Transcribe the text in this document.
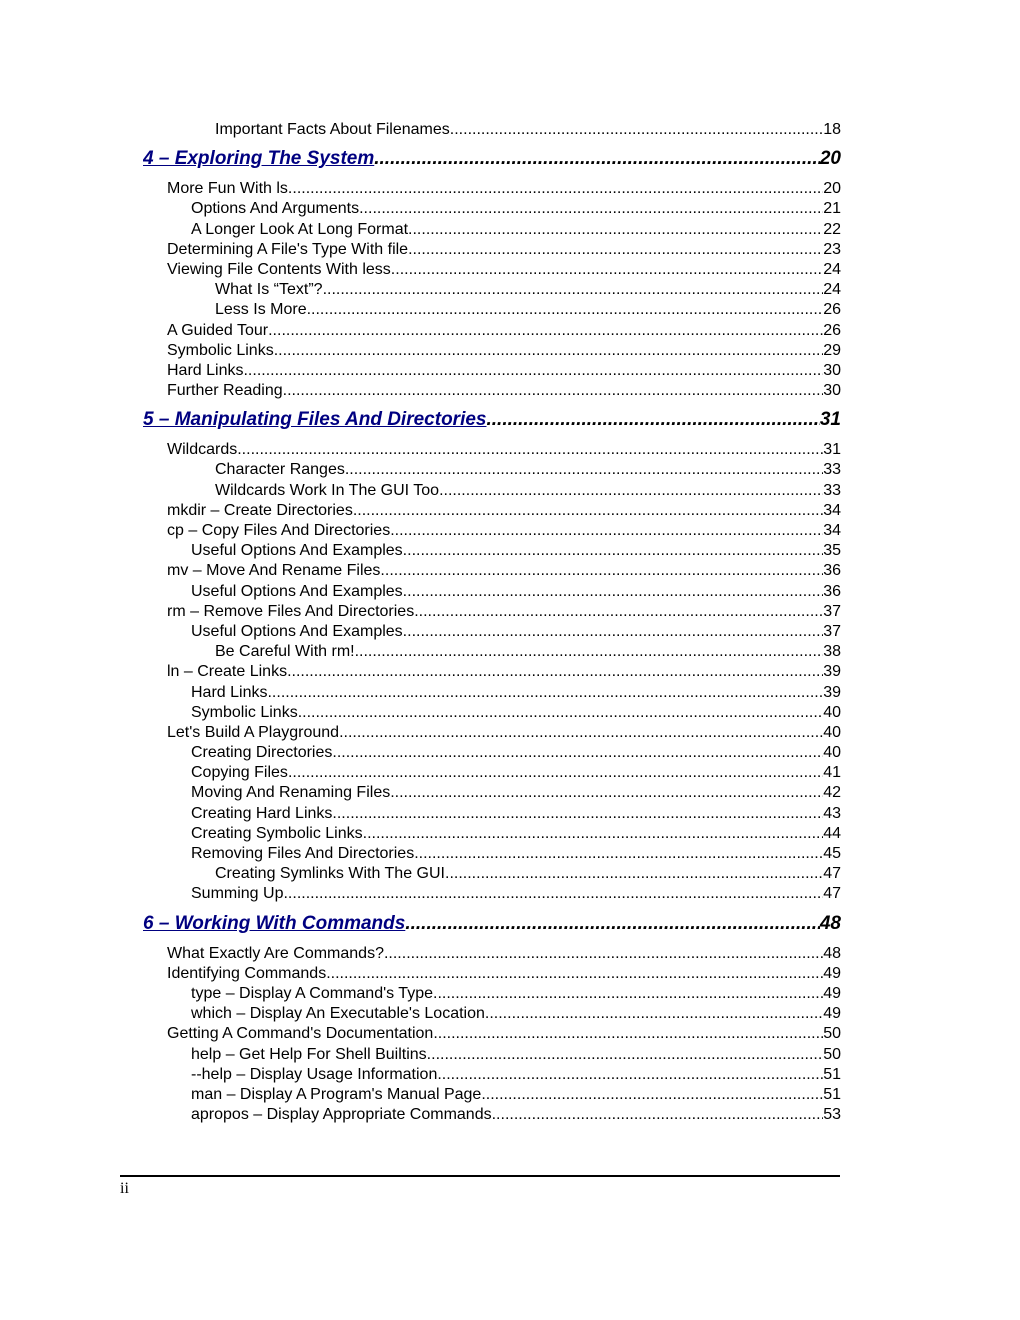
Important Facts About Filenames .....	18
4 – Exploring The System .....	20
More Fun With ls .....	20
Options And Arguments .....	21
A Longer Look At Long Format .....	22
Determining A File's Type With file .....	23
Viewing File Contents With less .....	24
What Is “Text”? .....	24
Less Is More .....	26
A Guided Tour .....	26
Symbolic Links .....	29
Hard Links .....	30
Further Reading .....	30
5 – Manipulating Files And Directories .....	31
Wildcards .....	31
Character Ranges .....	33
Wildcards Work In The GUI Too .....	33
mkdir – Create Directories .....	34
cp – Copy Files And Directories .....	34
Useful Options And Examples .....	35
mv – Move And Rename Files .....	36
Useful Options And Examples .....	36
rm – Remove Files And Directories .....	37
Useful Options And Examples .....	37
Be Careful With rm! .....	38
ln – Create Links .....	39
Hard Links .....	39
Symbolic Links .....	40
Let's Build A Playground .....	40
Creating Directories .....	40
Copying Files .....	41
Moving And Renaming Files .....	42
Creating Hard Links .....	43
Creating Symbolic Links .....	44
Removing Files And Directories .....	45
Creating Symlinks With The GUI .....	47
Summing Up .....	47
6 – Working With Commands .....	48
What Exactly Are Commands? .....	48
Identifying Commands .....	49
type – Display A Command's Type .....	49
which – Display An Executable's Location .....	49
Getting A Command's Documentation .....	50
help – Get Help For Shell Builtins .....	50
--help – Display Usage Information .....	51
man – Display A Program's Manual Page .....	51
apropos – Display Appropriate Commands .....	53
ii
